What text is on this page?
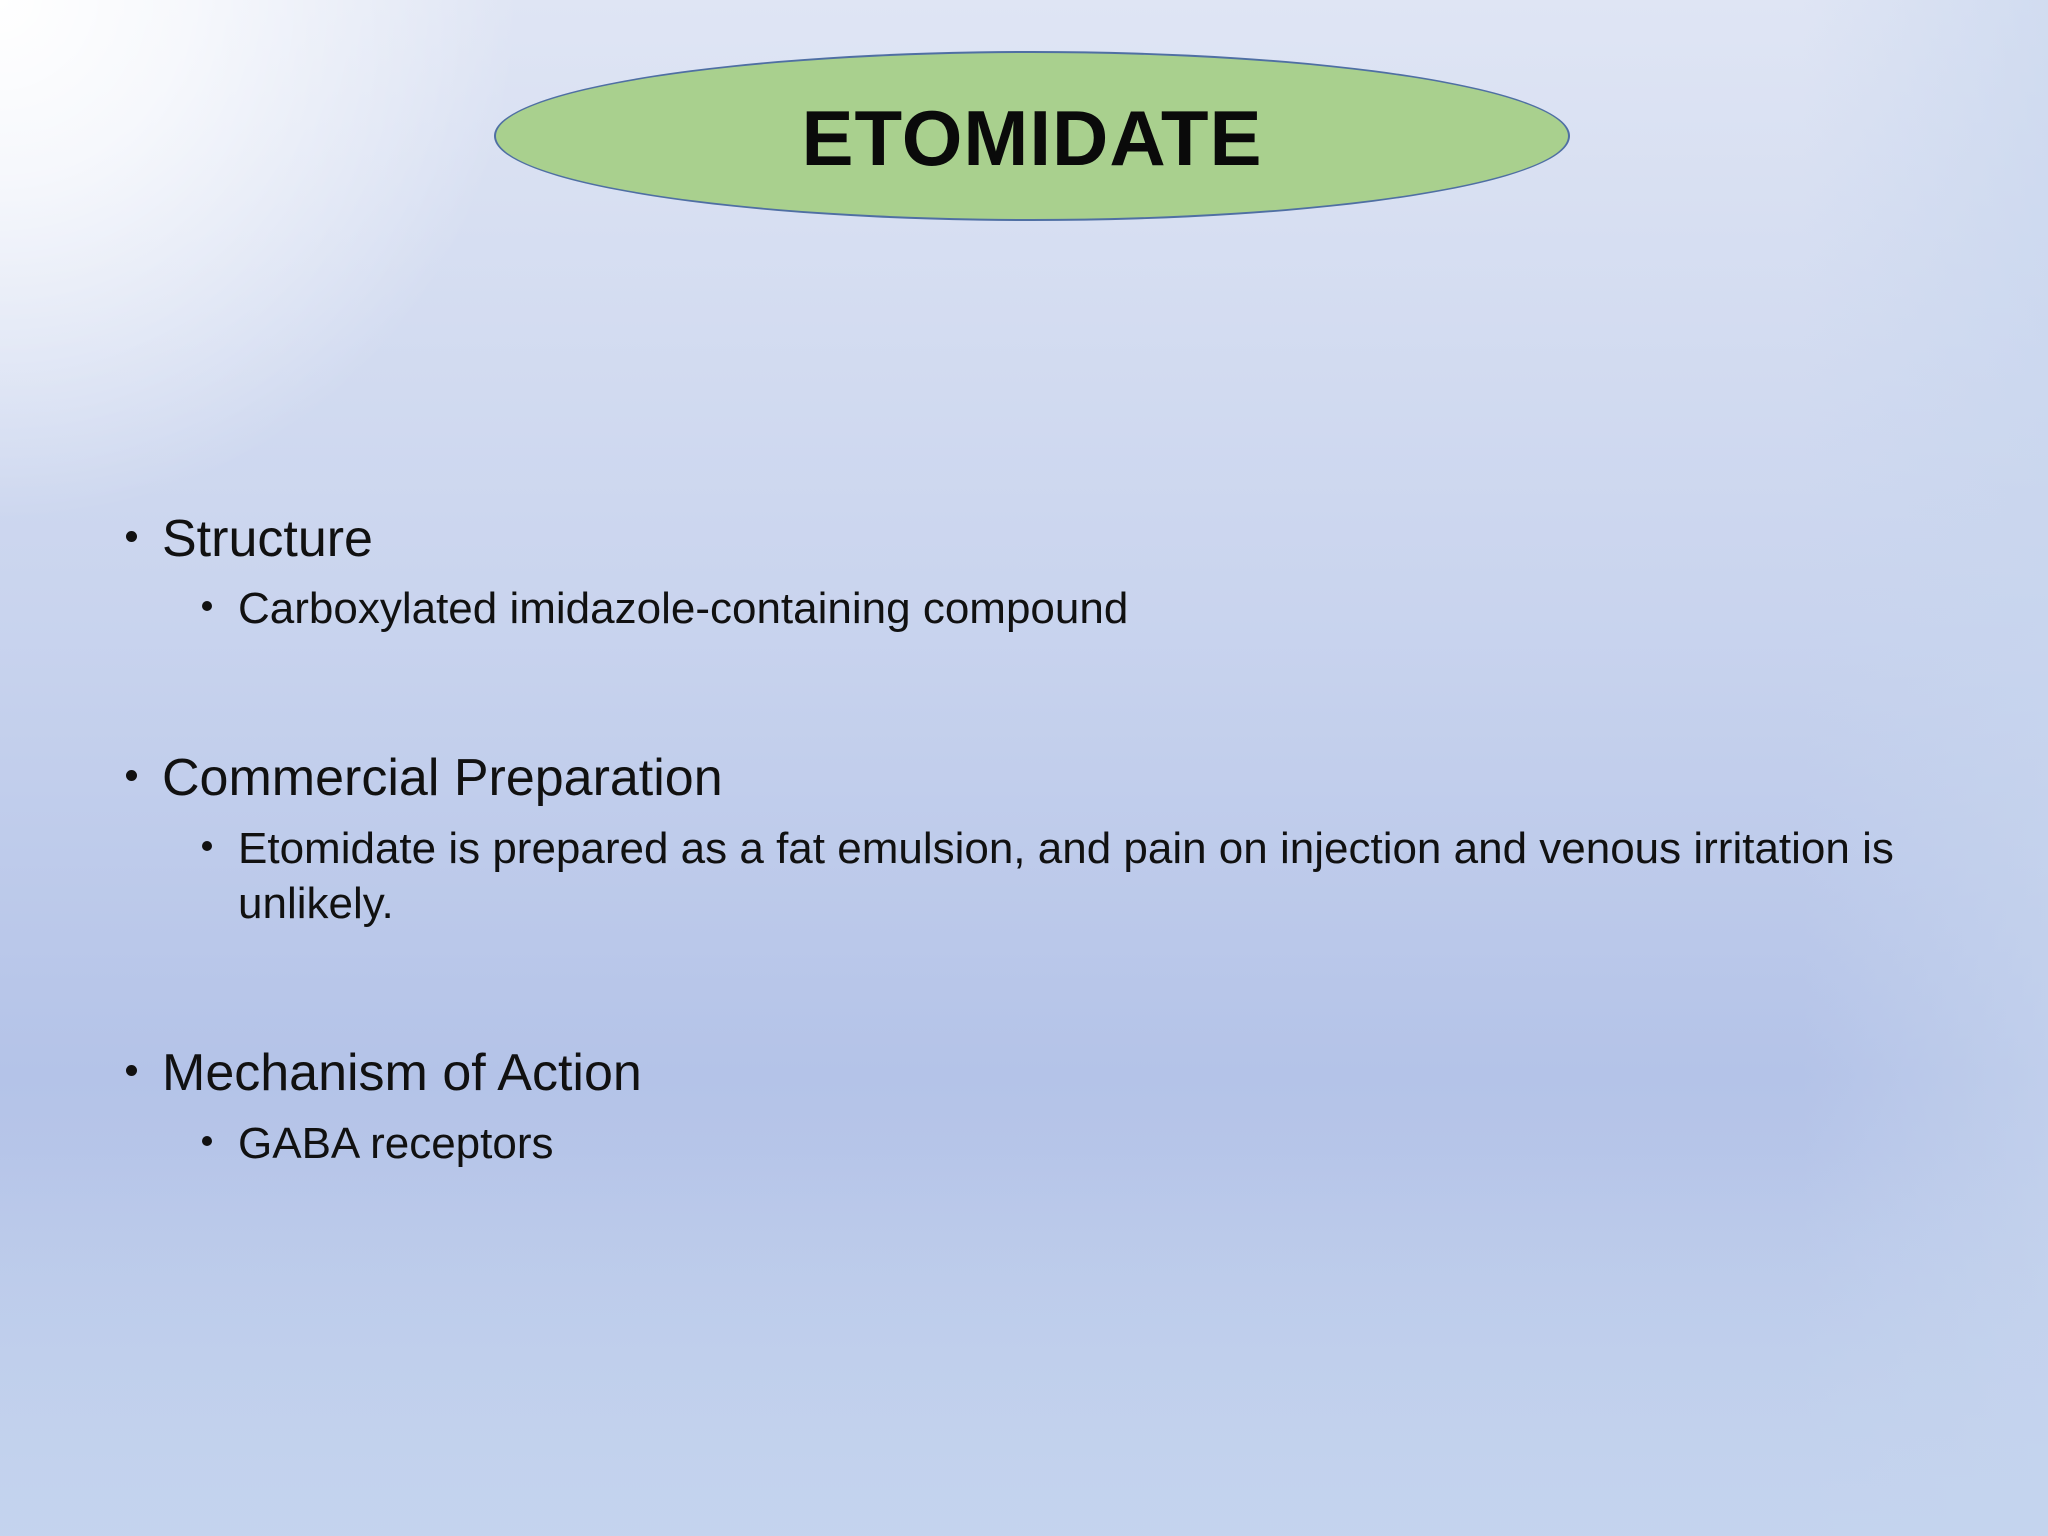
ETOMIDATE
Structure
Carboxylated imidazole-containing compound
Commercial Preparation
Etomidate is prepared as a fat emulsion, and pain on injection and venous irritation is unlikely.
Mechanism of Action
GABA receptors
